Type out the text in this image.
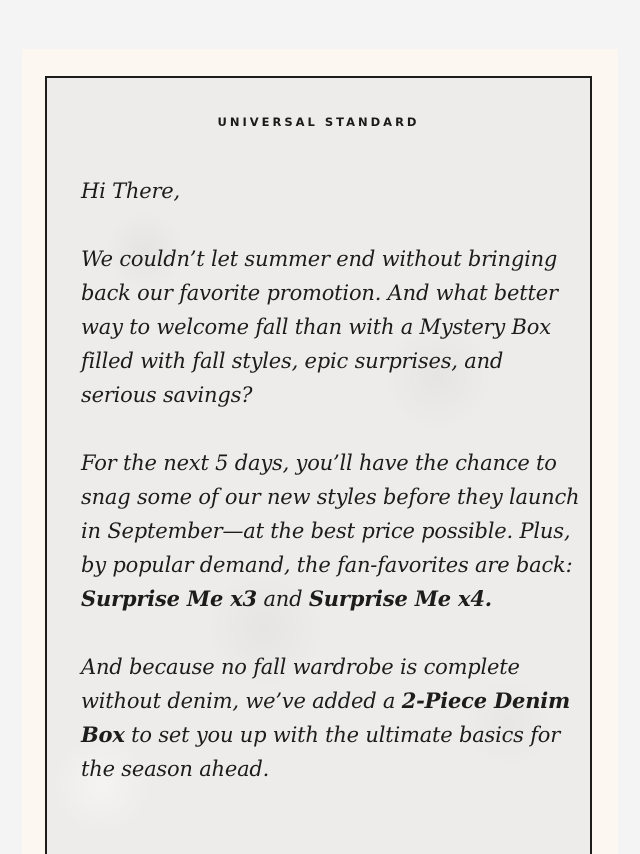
UNIVERSAL STANDARD

Hi There,

We couldn’t let summer end without bringing back our favorite promotion. And what better way to welcome fall than with a Mystery Box filled with fall styles, epic surprises, and serious savings?

For the next 5 days, you’ll have the chance to snag some of our new styles before they launch in September—at the best price possible. Plus, by popular demand, the fan-favorites are back: Surprise Me x3 and Surprise Me x4.

And because no fall wardrobe is complete without denim, we’ve added a 2-Piece Denim Box to set you up with the ultimate basics for the season ahead.
